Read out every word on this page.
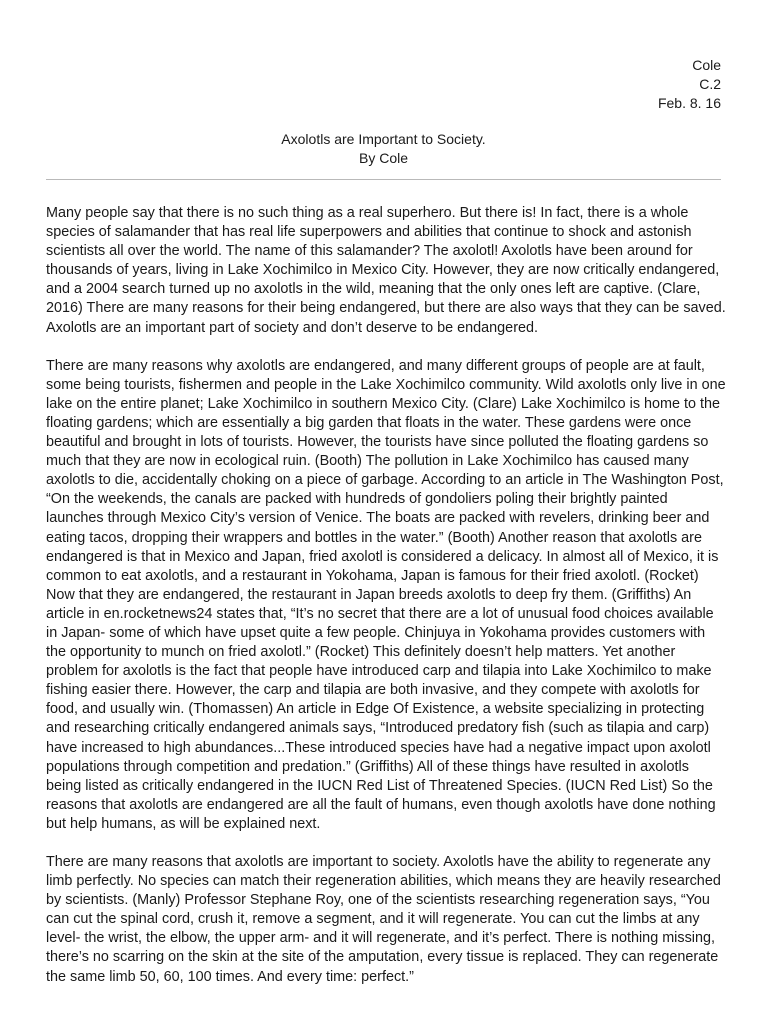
Cole
C.2
Feb. 8. 16
Axolotls are Important to Society.
By Cole

Many people say that there is no such thing as a real superhero. But there is! In fact, there is a whole species of salamander that has real life superpowers and abilities that continue to shock and astonish scientists all over the world. The name of this salamander? The axolotl! Axolotls have been around for thousands of years, living in Lake Xochimilco in Mexico City. However, they are now critically endangered, and a 2004 search turned up no axolotls in the wild, meaning that the only ones left are captive. (Clare, 2016) There are many reasons for their being endangered, but there are also ways that they can be saved. Axolotls are an important part of society and don’t deserve to be endangered.

There are many reasons why axolotls are endangered, and many different groups of people are at fault, some being tourists, fishermen and people in the Lake Xochimilco community. Wild axolotls only live in one lake on the entire planet; Lake Xochimilco in southern Mexico City. (Clare) Lake Xochimilco is home to the floating gardens; which are essentially a big garden that floats in the water. These gardens were once beautiful and brought in lots of tourists. However, the tourists have since polluted the floating gardens so much that they are now in ecological ruin. (Booth) The pollution in Lake Xochimilco has caused many axolotls to die, accidentally choking on a piece of garbage. According to an article in The Washington Post, “On the weekends, the canals are packed with hundreds of gondoliers poling their brightly painted launches through Mexico City’s version of Venice. The boats are packed with revelers, drinking beer and eating tacos, dropping their wrappers and bottles in the water.” (Booth) Another reason that axolotls are endangered is that in Mexico and Japan, fried axolotl is considered a delicacy. In almost all of Mexico, it is common to eat axolotls, and a restaurant in Yokohama, Japan is famous for their fried axolotl. (Rocket) Now that they are endangered, the restaurant in Japan breeds axolotls to deep fry them. (Griffiths) An article in en.rocketnews24 states that, “It’s no secret that there are a lot of unusual food choices available in Japan- some of which have upset quite a few people. Chinjuya in Yokohama provides customers with the opportunity to munch on fried axolotl.” (Rocket) This definitely doesn’t help matters. Yet another problem for axolotls is the fact that people have introduced carp and tilapia into Lake Xochimilco to make fishing easier there. However, the carp and tilapia are both invasive, and they compete with axolotls for food, and usually win. (Thomassen) An article in Edge Of Existence, a website specializing in protecting and researching critically endangered animals says, “Introduced predatory fish (such as tilapia and carp) have increased to high abundances...These introduced species have had a negative impact upon axolotl populations through competition and predation.” (Griffiths) All of these things have resulted in axolotls being listed as critically endangered in the IUCN Red List of Threatened Species. (IUCN Red List) So the reasons that axolotls are endangered are all the fault of humans, even though axolotls have done nothing but help humans, as will be explained next.

There are many reasons that axolotls are important to society. Axolotls have the ability to regenerate any limb perfectly. No species can match their regeneration abilities, which means they are heavily researched by scientists. (Manly) Professor Stephane Roy, one of the scientists researching regeneration says, “You can cut the spinal cord, crush it, remove a segment, and it will regenerate. You can cut the limbs at any level- the wrist, the elbow, the upper arm- and it will regenerate, and it’s perfect. There is nothing missing, there’s no scarring on the skin at the site of the amputation, every tissue is replaced. They can regenerate the same limb 50, 60, 100 times. And every time: perfect.”
